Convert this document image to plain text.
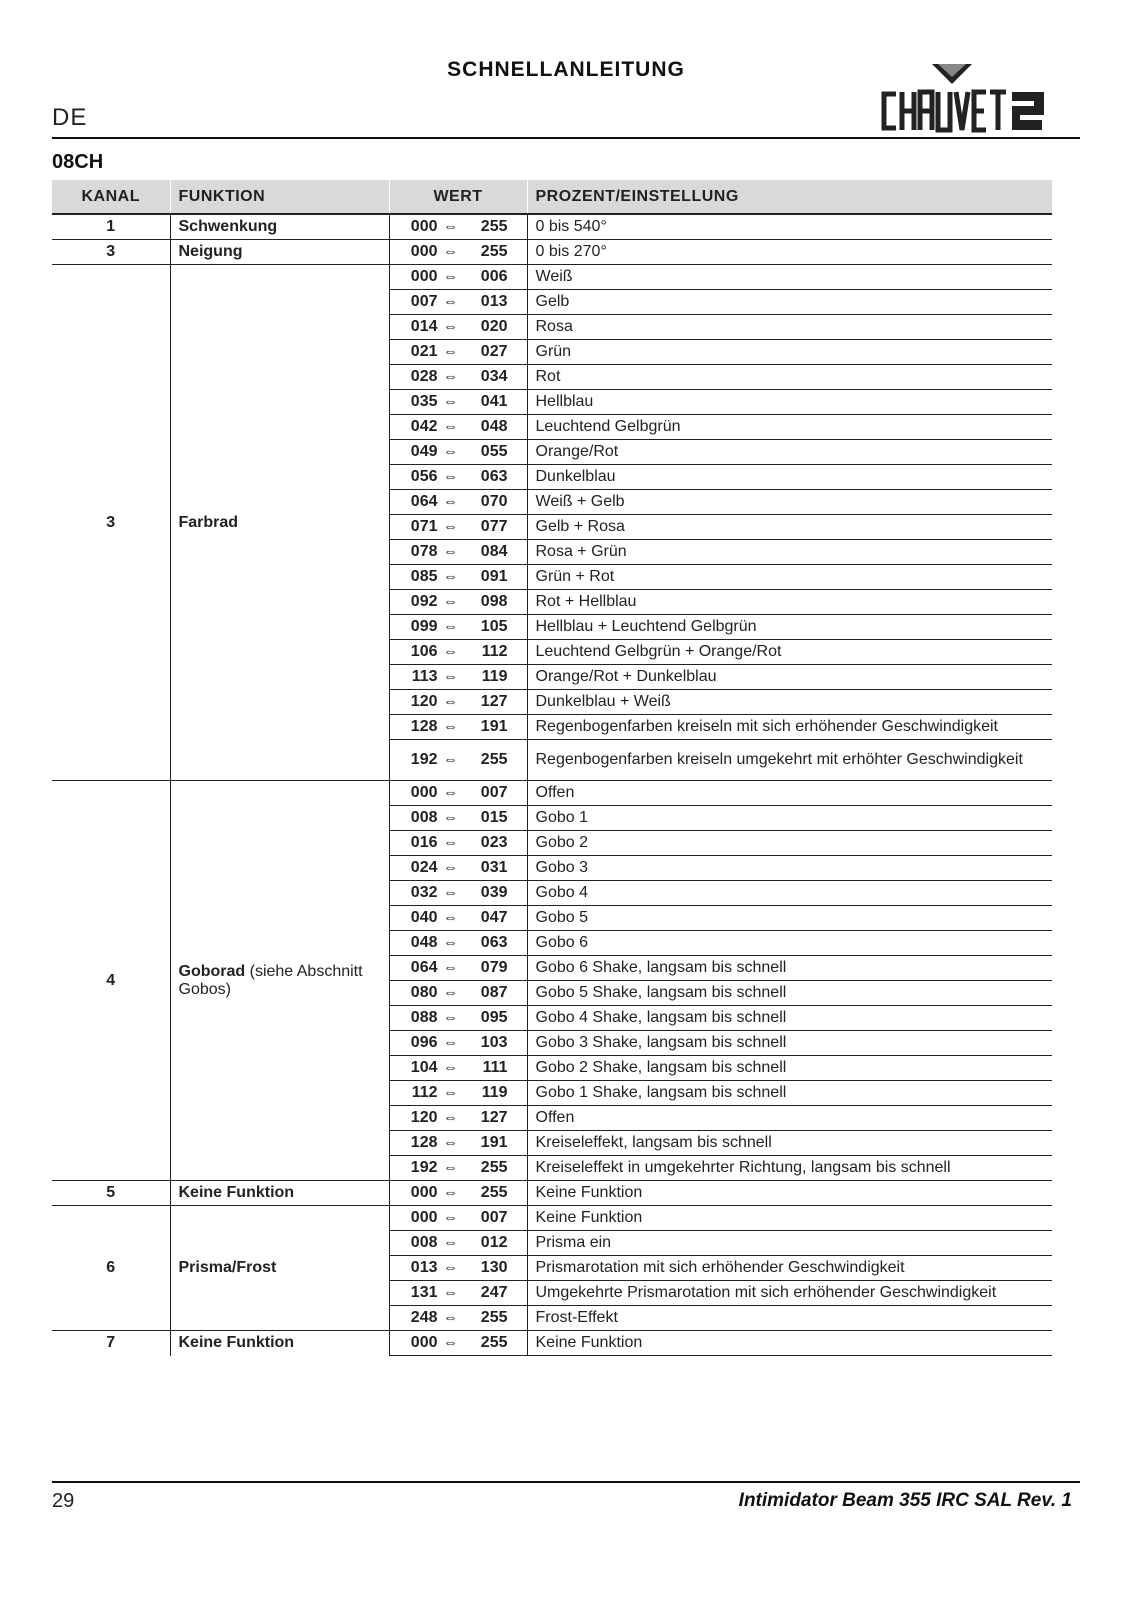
SCHNELLANLEITUNG
DE
08CH
KANAL	FUNKTION	WERT	PROZENT/EINSTELLUNG
1	Schwenkung	000 ⇔ 255	0 bis 540°
3	Neigung	000 ⇔ 255	0 bis 270°
3	Farbrad	000 ⇔ 006	Weiß
		007 ⇔ 013	Gelb
		014 ⇔ 020	Rosa
		021 ⇔ 027	Grün
		028 ⇔ 034	Rot
		035 ⇔ 041	Hellblau
		042 ⇔ 048	Leuchtend Gelbgrün
		049 ⇔ 055	Orange/Rot
		056 ⇔ 063	Dunkelblau
		064 ⇔ 070	Weiß + Gelb
		071 ⇔ 077	Gelb + Rosa
		078 ⇔ 084	Rosa + Grün
		085 ⇔ 091	Grün + Rot
		092 ⇔ 098	Rot + Hellblau
		099 ⇔ 105	Hellblau + Leuchtend Gelbgrün
		106 ⇔ 112	Leuchtend Gelbgrün + Orange/Rot
		113 ⇔ 119	Orange/Rot + Dunkelblau
		120 ⇔ 127	Dunkelblau + Weiß
		128 ⇔ 191	Regenbogenfarben kreiseln mit sich erhöhender Geschwindigkeit
		192 ⇔ 255	Regenbogenfarben kreiseln umgekehrt mit erhöhter Geschwindigkeit
4	Goborad (siehe Abschnitt Gobos)	000 ⇔ 007	Offen
		008 ⇔ 015	Gobo 1
		016 ⇔ 023	Gobo 2
		024 ⇔ 031	Gobo 3
		032 ⇔ 039	Gobo 4
		040 ⇔ 047	Gobo 5
		048 ⇔ 063	Gobo 6
		064 ⇔ 079	Gobo 6 Shake, langsam bis schnell
		080 ⇔ 087	Gobo 5 Shake, langsam bis schnell
		088 ⇔ 095	Gobo 4 Shake, langsam bis schnell
		096 ⇔ 103	Gobo 3 Shake, langsam bis schnell
		104 ⇔ 111	Gobo 2 Shake, langsam bis schnell
		112 ⇔ 119	Gobo 1 Shake, langsam bis schnell
		120 ⇔ 127	Offen
		128 ⇔ 191	Kreiseleffekt, langsam bis schnell
		192 ⇔ 255	Kreiseleffekt in umgekehrter Richtung, langsam bis schnell
5	Keine Funktion	000 ⇔ 255	Keine Funktion
6	Prisma/Frost	000 ⇔ 007	Keine Funktion
		008 ⇔ 012	Prisma ein
		013 ⇔ 130	Prismarotation mit sich erhöhender Geschwindigkeit
		131 ⇔ 247	Umgekehrte Prismarotation mit sich erhöhender Geschwindigkeit
		248 ⇔ 255	Frost-Effekt
7	Keine Funktion	000 ⇔ 255	Keine Funktion
29	Intimidator Beam 355 IRC SAL Rev. 1
